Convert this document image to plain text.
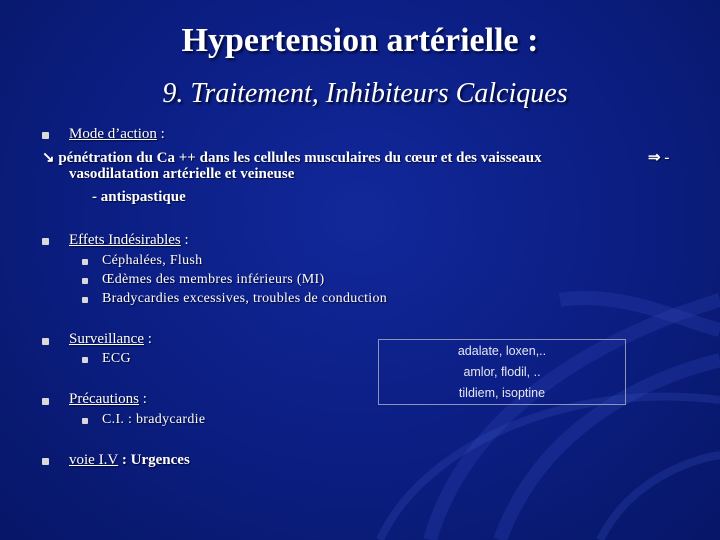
Hypertension artérielle :
9. Traitement, Inhibiteurs Calciques
Mode d’action :
↘ pénétration du Ca ++ dans les cellules musculaires du cœur et des vaisseaux	⇒ -
vasodilatation artérielle et veineuse
- antispastique
Effets Indésirables :
Céphalées, Flush
Œdèmes des membres inférieurs (MI)
Bradycardies excessives, troubles de conduction
Surveillance :
ECG
Précautions :
C.I. : bradycardie
voie I.V : Urgences
adalate, loxen,..
amlor, flodil, ..
tildiem, isoptine
